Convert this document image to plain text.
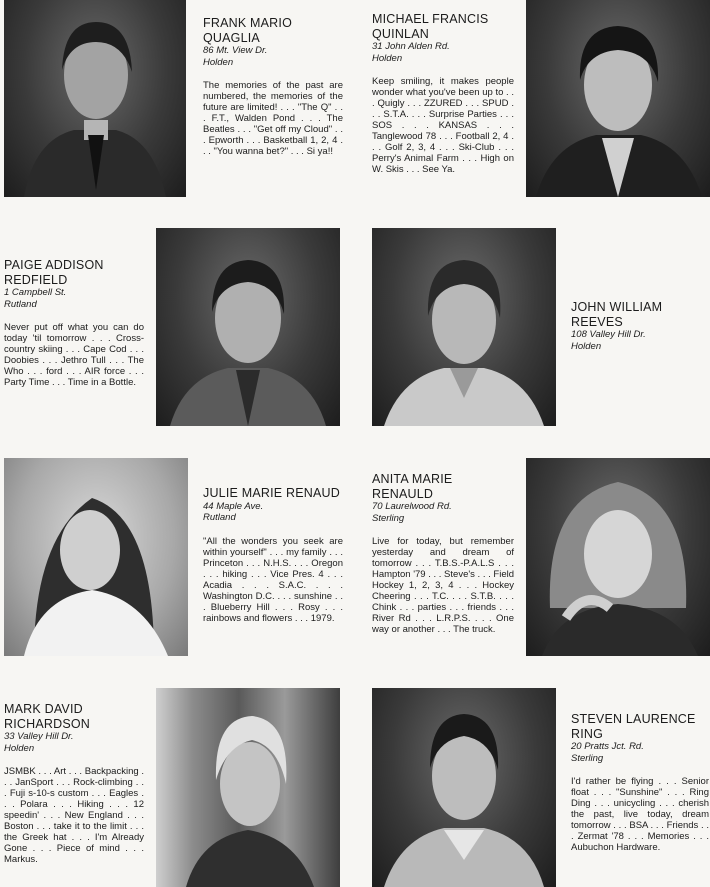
FRANK MARIO
QUAGLIA

86 Mt. View Dr.

Holden

The memories of the past are numbered, the memories of the future are limited! . . . "The Q" . . . F.T., Walden Pond . . . The Beatles . . . "Get off my Cloud" . . . Epworth . . . Basketball 1, 2, 4 . . . "You wanna bet?" . . . Si ya!!
MICHAEL FRANCIS
QUINLAN

31 John Alden Rd.

Holden

Keep smiling, it makes people wonder what you've been up to . . . Quigly . . . ZZURED . . . SPUD . . . S.T.A. . . . Surprise Parties . . . SOS . . . KANSAS . . . Tanglewood 78 . . . Football 2, 4 . . . Golf 2, 3, 4 . . . Ski-Club . . . Perry's Animal Farm . . . High on W. Skis . . . See Ya.
PAIGE ADDISON
REDFIELD

1 Campbell St.

Rutland

Never put off what you can do today 'til tomorrow . . . Cross-country skiing . . . Cape Cod . . . Doobies . . . Jethro Tull . . . The Who . . . ford . . . AIR force . . . Party Time . . . Time in a Bottle.
JOHN WILLIAM
REEVES

108 Valley Hill Dr.

Holden

JULIE MARIE RENAUD

44 Maple Ave.

Rutland

"All the wonders you seek are within yourself" . . . my family . . . Princeton . . . N.H.S. . . . Oregon . . . hiking . . . Vice Pres. 4 . . . Acadia . . . S.A.C. . . . Washington D.C. . . . sunshine . . . Blueberry Hill . . . Rosy . . . rainbows and flowers . . . 1979.
ANITA MARIE
RENAULD

70 Laurelwood Rd.

Sterling

Live for today, but remember yesterday and dream of tomorrow . . . T.B.S.-P.A.L.S . . . Hampton '79 . . . Steve's . . . Field Hockey 1, 2, 3, 4 . . . Hockey Cheering . . . T.C. . . . S.T.B. . . . Chink . . . parties . . . friends . . . River Rd . . . L.R.P.S. . . . One way or another . . . The truck.
MARK DAVID
RICHARDSON

33 Valley Hill Dr.

Holden

JSMBK . . . Art . . . Backpacking . . . JanSport . . . Rock-climbing . . . Fuji s-10-s custom . . . Eagles . . . Polara . . . Hiking . . . 12 speedin' . . . New England . . . Boston . . . take it to the limit . . . the Greek hat . . . I'm Already Gone . . . Piece of mind . . . Markus.
STEVEN LAURENCE
RING

20 Pratts Jct. Rd.

Sterling

I'd rather be flying . . . Senior float . . . "Sunshine" . . . Ring Ding . . . unicycling . . . cherish the past, live today, dream tomorrow . . . BSA . . . Friends . . . Zermat '78 . . . Memories . . . Aubuchon Hardware.
